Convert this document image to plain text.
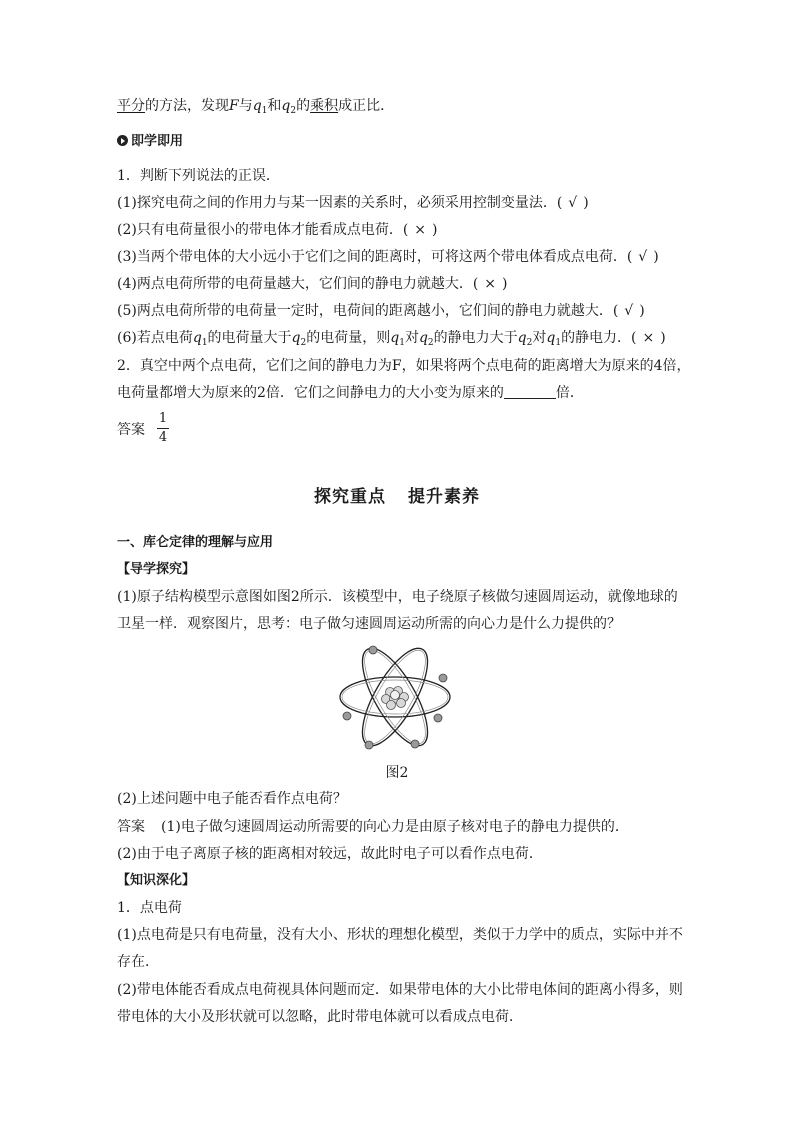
平分的方法，发现F与$q_1$和$q_2$的乘积成正比．
即学即用
1．判断下列说法的正误．
(1)探究电荷之间的作用力与某一因素的关系时，必须采用控制变量法．( √ )
(2)只有电荷量很小的带电体才能看成点电荷．( × )
(3)当两个带电体的大小远小于它们之间的距离时，可将这两个带电体看成点电荷．( √ )
(4)两点电荷所带的电荷量越大，它们间的静电力就越大．( × )
(5)两点电荷所带的电荷量一定时，电荷间的距离越小，它们间的静电力就越大．( √ )
(6)若点电荷$q_1$的电荷量大于$q_2$的电荷量，则$q_1$对$q_2$的静电力大于$q_2$对$q_1$的静电力．( × )
2．真空中两个点电荷，它们之间的静电力为F，如果将两个点电荷的距离增大为原来的4倍，
电荷量都增大为原来的2倍．它们之间静电力的大小变为原来的	倍．
答案
1
4
探究重点 提升素养
一、库仑定律的理解与应用
【导学探究】
(1)原子结构模型示意图如图2所示．该模型中，电子绕原子核做匀速圆周运动，就像地球的
卫星一样．观察图片，思考：电子做匀速圆周运动所需的向心力是什么力提供的？
图2
(2)上述问题中电子能否看作点电荷？
答案 (1)电子做匀速圆周运动所需要的向心力是由原子核对电子的静电力提供的．
(2)由于电子离原子核的距离相对较远，故此时电子可以看作点电荷．
【知识深化】
1．点电荷
(1)点电荷是只有电荷量，没有大小、形状的理想化模型，类似于力学中的质点，实际中并不
存在．
(2)带电体能否看成点电荷视具体问题而定．如果带电体的大小比带电体间的距离小得多，则
带电体的大小及形状就可以忽略，此时带电体就可以看成点电荷．
